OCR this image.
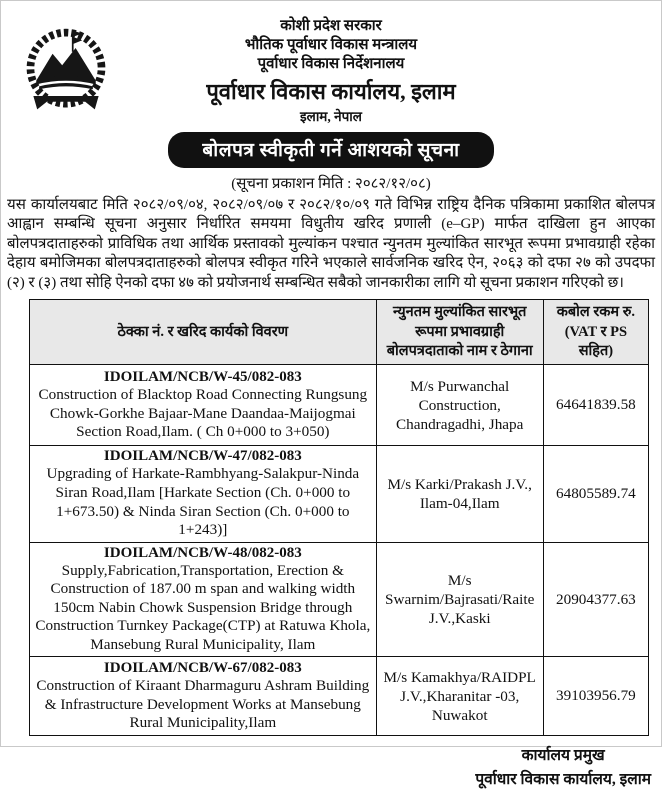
कोशी प्रदेश सरकार
भौतिक पूर्वाधार विकास मन्त्रालय
पूर्वाधार विकास निर्देशनालय
पूर्वाधार विकास कार्यालय, इलाम
इलाम, नेपाल
बोलपत्र स्वीकृती गर्ने आशयको सूचना
(सूचना प्रकाशन मिति : २०८२/१२/०८)
यस कार्यालयबाट मिति २०८२/०९/०४, २०८२/०९/०७ र २०८२/१०/०९ गते विभिन्न राष्ट्रिय दैनिक पत्रिकामा प्रकाशित बोलपत्र आह्वान सम्बन्धि सूचना अनुसार निर्धारित समयमा विधुतीय खरिद प्रणाली (e–GP) मार्फत दाखिला हुन आएका बोलपत्रदाताहरुको प्राविधिक तथा आर्थिक प्रस्तावको मुल्यांकन पश्चात न्युनतम मुल्यांकित सारभूत रूपमा प्रभावग्राही रहेका देहाय बमोजिमका बोलपत्रदाताहरुको बोलपत्र स्वीकृत गरिने भएकाले सार्वजनिक खरिद ऐन, २०६३ को दफा २७ को उपदफा (२) र (३) तथा सोहि ऐनको दफा ४७ को प्रयोजनार्थ सम्बन्धित सबैको जानकारीका लागि यो सूचना प्रकाशन गरिएको छ।
ठेक्का नं. र खरिद कार्यको विवरण	न्युनतम मुल्यांकित सारभूत रूपमा प्रभावग्राही बोलपत्रदाताको नाम र ठेगाना	कबोल रकम रु. (VAT र PS सहित)

IDOILAM/NCB/W-45/082-083
Construction of Blacktop Road Connecting Rungsung Chowk-Gorkhe Bajaar-Mane Daandaa-Maijogmai Section Road,Ilam. ( Ch 0+000 to 3+050)	M/s Purwanchal Construction, Chandragadhi, Jhapa	64641839.58

IDOILAM/NCB/W-47/082-083
Upgrading of Harkate-Rambhyang-Salakpur-Ninda Siran Road,Ilam [Harkate Section (Ch. 0+000 to 1+673.50) & Ninda Siran Section (Ch. 0+000 to 1+243)]	M/s Karki/Prakash J.V., Ilam-04,Ilam	64805589.74

IDOILAM/NCB/W-48/082-083
Supply,Fabrication,Transportation, Erection & Construction of 187.00 m span and walking width 150cm Nabin Chowk Suspension Bridge through Construction Turnkey Package(CTP) at Ratuwa Khola, Mansebung Rural Municipality, Ilam	M/s Swarnim/Bajrasati/Raite J.V.,Kaski	20904377.63

IDOILAM/NCB/W-67/082-083
Construction of Kiraant Dharmaguru Ashram Building & Infrastructure Development Works at Mansebung Rural Municipality,Ilam	M/s Kamakhya/RAIDPL J.V.,Kharanitar -03, Nuwakot	39103956.79
कार्यालय प्रमुख
पूर्वाधार विकास कार्यालय, इलाम
